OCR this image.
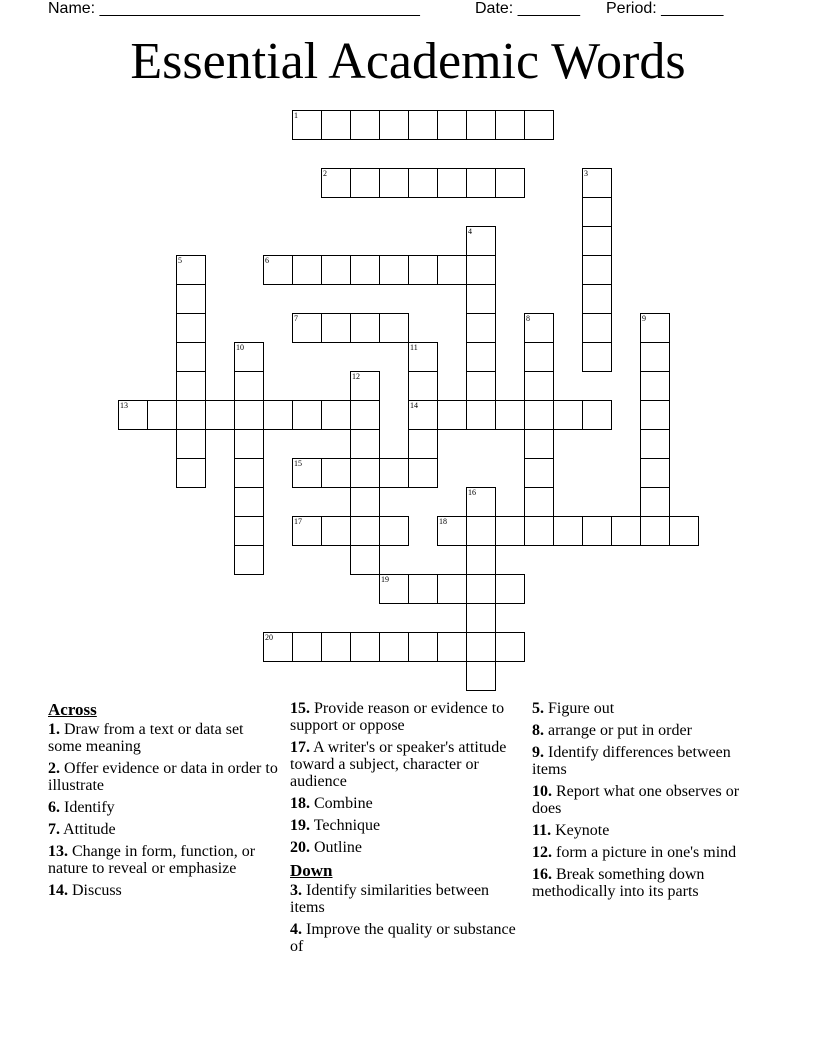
Name: ____________________________________	Date: _______ Period: _______
Essential Academic Words
1
2
6
7
13	14
15
17	18
19
20
3
4
5
8	9
10	11
12
16
Across
1. Draw from a text or data set some meaning
2. Offer evidence or data in order to illustrate
6. Identify
7. Attitude
13. Change in form, function, or nature to reveal or emphasize
14. Discuss
15. Provide reason or evidence to support or oppose
17. A writer's or speaker's attitude toward a subject, character or audience
18. Combine
19. Technique
20. Outline
Down
3. Identify similarities between items
4. Improve the quality or substance of
5. Figure out
8. arrange or put in order
9. Identify differences between items
10. Report what one observes or does
11. Keynote
12. form a picture in one's mind
16. Break something down methodically into its parts
